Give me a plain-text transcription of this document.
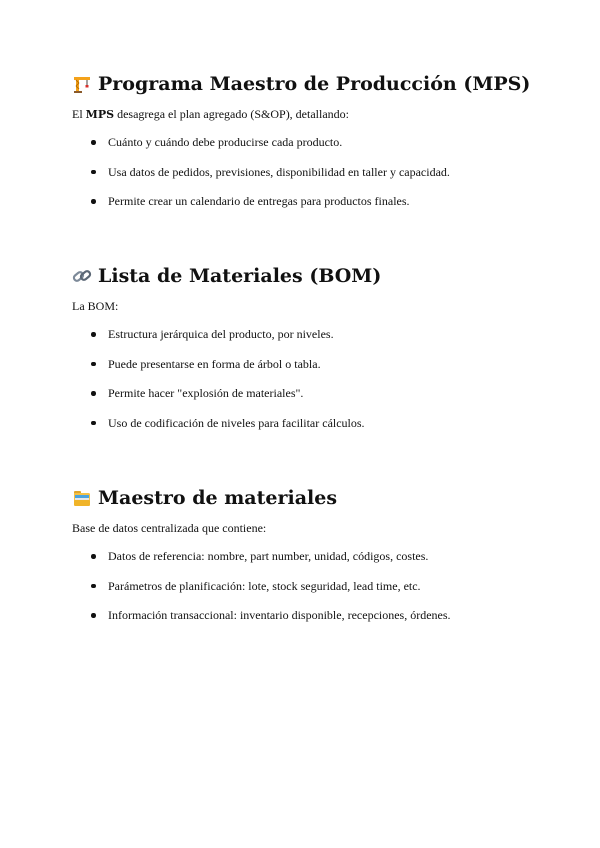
Programa Maestro de Producción (MPS)

El MPS desagrega el plan agregado (S&OP), detallando:

Cuánto y cuándo debe producirse cada producto.
Usa datos de pedidos, previsiones, disponibilidad en taller y capacidad.
Permite crear un calendario de entregas para productos finales.
Lista de Materiales (BOM)

La BOM:

Estructura jerárquica del producto, por niveles.
Puede presentarse en forma de árbol o tabla.
Permite hacer "explosión de materiales".
Uso de codificación de niveles para facilitar cálculos.
Maestro de materiales

Base de datos centralizada que contiene:

Datos de referencia: nombre, part number, unidad, códigos, costes.
Parámetros de planificación: lote, stock seguridad, lead time, etc.
Información transaccional: inventario disponible, recepciones, órdenes.
